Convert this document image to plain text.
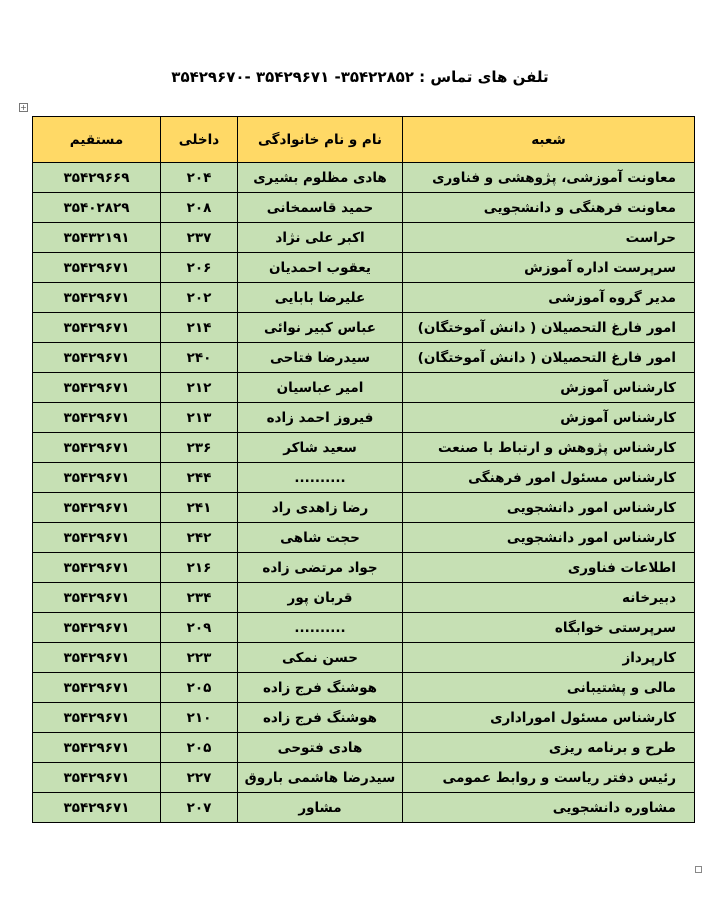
تلفن های تماس : ۳۵۴۲۲۸۵۲- ۳۵۴۲۹۶۷۱ -۳۵۴۲۹۶۷۰
+
شعبه	نام و نام خانوادگی	داخلی	مستقیم
معاونت آموزشی، پژوهشی و فناوری	هادی مظلوم بشیری	۲۰۴	۳۵۴۲۹۶۶۹
معاونت فرهنگی و دانشجویی	حمید قاسمخانی	۲۰۸	۳۵۴۰۲۸۲۹
حراست	اکبر علی نژاد	۲۳۷	۳۵۴۳۲۱۹۱
سرپرست اداره آموزش	یعقوب احمدیان	۲۰۶	۳۵۴۲۹۶۷۱
مدیر گروه آموزشی	علیرضا بابایی	۲۰۲	۳۵۴۲۹۶۷۱
امور فارغ التحصیلان ( دانش آموختگان)	عباس کبیر نوائی	۲۱۴	۳۵۴۲۹۶۷۱
امور فارغ التحصیلان ( دانش آموختگان)	سیدرضا فتاحی	۲۴۰	۳۵۴۲۹۶۷۱
کارشناس آموزش	امیر عباسیان	۲۱۲	۳۵۴۲۹۶۷۱
کارشناس آموزش	فیروز احمد زاده	۲۱۳	۳۵۴۲۹۶۷۱
کارشناس پژوهش و ارتباط با صنعت	سعید شاکر	۲۳۶	۳۵۴۲۹۶۷۱
کارشناس مسئول امور فرهنگی	..........	۲۴۴	۳۵۴۲۹۶۷۱
کارشناس امور دانشجویی	رضا زاهدی راد	۲۴۱	۳۵۴۲۹۶۷۱
کارشناس امور دانشجویی	حجت شاهی	۲۴۲	۳۵۴۲۹۶۷۱
اطلاعات فناوری	جواد مرتضی زاده	۲۱۶	۳۵۴۲۹۶۷۱
دبیرخانه	قربان پور	۲۳۴	۳۵۴۲۹۶۷۱
سرپرستی خوابگاه	..........	۲۰۹	۳۵۴۲۹۶۷۱
کارپرداز	حسن نمکی	۲۲۳	۳۵۴۲۹۶۷۱
مالی و پشتیبانی	هوشنگ فرج زاده	۲۰۵	۳۵۴۲۹۶۷۱
کارشناس مسئول اموراداری	هوشنگ فرج زاده	۲۱۰	۳۵۴۲۹۶۷۱
طرح و برنامه ریزی	هادی فتوحی	۲۰۵	۳۵۴۲۹۶۷۱
رئیس دفتر ریاست و روابط عمومی	سیدرضا هاشمی باروق	۲۲۷	۳۵۴۲۹۶۷۱
مشاوره دانشجویی	مشاور	۲۰۷	۳۵۴۲۹۶۷۱
